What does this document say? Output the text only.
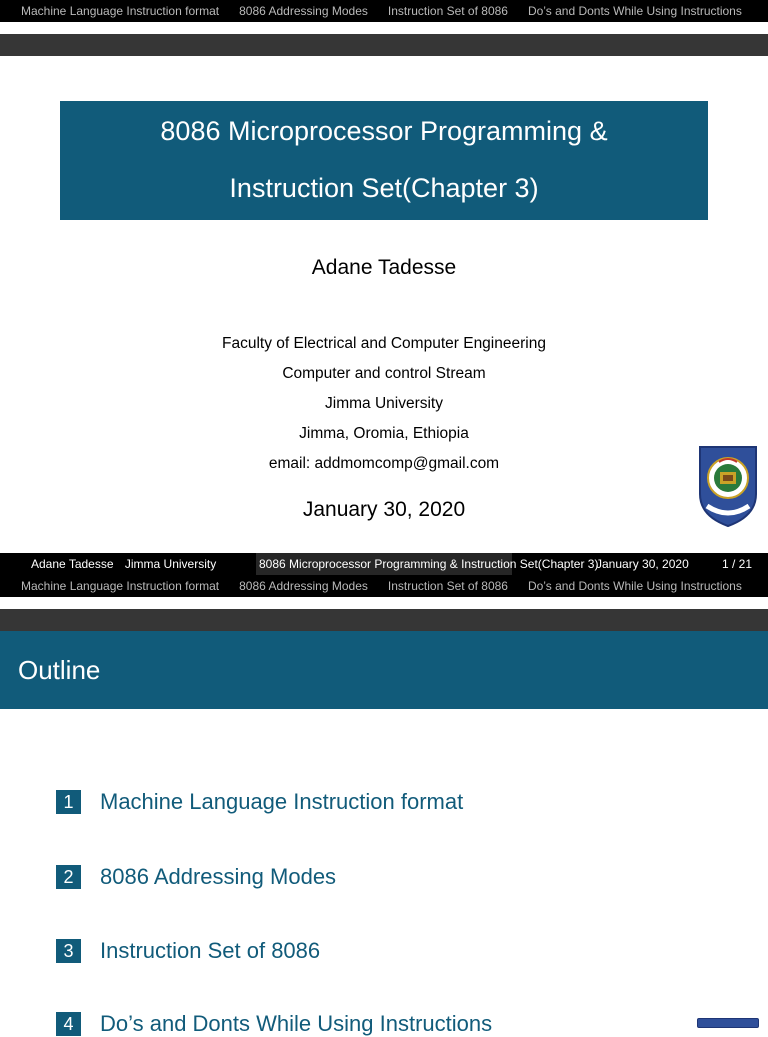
Machine Language Instruction format 8086 Addressing Modes Instruction Set of 8086 Do’s and Donts While Using Instructions
8086 Microprocessor Programming &
Instruction Set(Chapter 3)
Adane Tadesse
Faculty of Electrical and Computer Engineering
Computer and control Stream
Jimma University
Jimma, Oromia, Ethiopia
email: addmomcomp@gmail.com
January 30, 2020
Adane Tadesse Jimma University	8086 Microprocessor Programming & Instruction Set(Chapter 3)
January 30, 2020	1 / 21
Machine Language Instruction format 8086 Addressing Modes Instruction Set of 8086 Do’s and Donts While Using Instructions
Outline
1 Machine Language Instruction format
2 8086 Addressing Modes
3 Instruction Set of 8086
4 Do’s and Donts While Using Instructions
